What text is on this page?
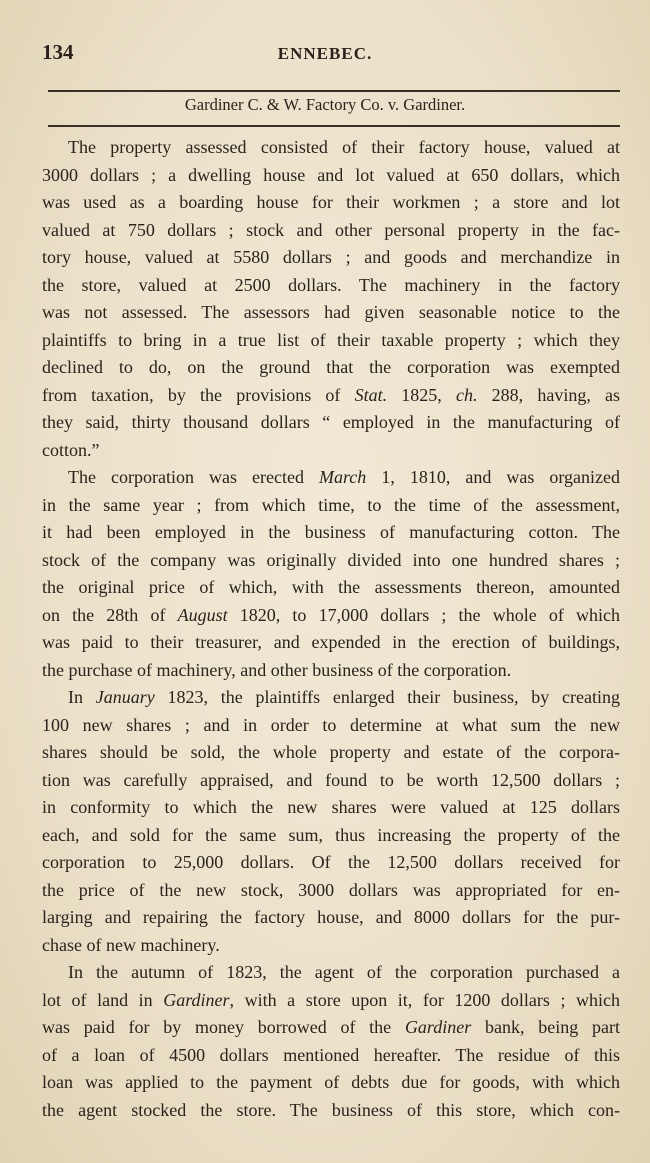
134	ENNEBEC.
Gardiner C. & W. Factory Co. v. Gardiner.
The property assessed consisted of their factory house, valued at
3000 dollars ; a dwelling house and lot valued at 650 dollars, which
was used as a boarding house for their workmen ; a store and lot
valued at 750 dollars ; stock and other personal property in the fac-
tory house, valued at 5580 dollars ; and goods and merchandize in
the store, valued at 2500 dollars. The machinery in the factory
was not assessed. The assessors had given seasonable notice to the
plaintiffs to bring in a true list of their taxable property ; which they
declined to do, on the ground that the corporation was exempted
from taxation, by the provisions of Stat. 1825, ch. 288, having, as
they said, thirty thousand dollars “ employed in the manufacturing of
cotton.”
The corporation was erected March 1, 1810, and was organized
in the same year ; from which time, to the time of the assessment,
it had been employed in the business of manufacturing cotton. The
stock of the company was originally divided into one hundred shares ;
the original price of which, with the assessments thereon, amounted
on the 28th of August 1820, to 17,000 dollars ; the whole of which
was paid to their treasurer, and expended in the erection of buildings,
the purchase of machinery, and other business of the corporation.
In January 1823, the plaintiffs enlarged their business, by creating
100 new shares ; and in order to determine at what sum the new
shares should be sold, the whole property and estate of the corpora-
tion was carefully appraised, and found to be worth 12,500 dollars ;
in conformity to which the new shares were valued at 125 dollars
each, and sold for the same sum, thus increasing the property of the
corporation to 25,000 dollars. Of the 12,500 dollars received for
the price of the new stock, 3000 dollars was appropriated for en-
larging and repairing the factory house, and 8000 dollars for the pur-
chase of new machinery.
In the autumn of 1823, the agent of the corporation purchased a
lot of land in Gardiner, with a store upon it, for 1200 dollars ; which
was paid for by money borrowed of the Gardiner bank, being part
of a loan of 4500 dollars mentioned hereafter. The residue of this
loan was applied to the payment of debts due for goods, with which
the agent stocked the store. The business of this store, which con-
